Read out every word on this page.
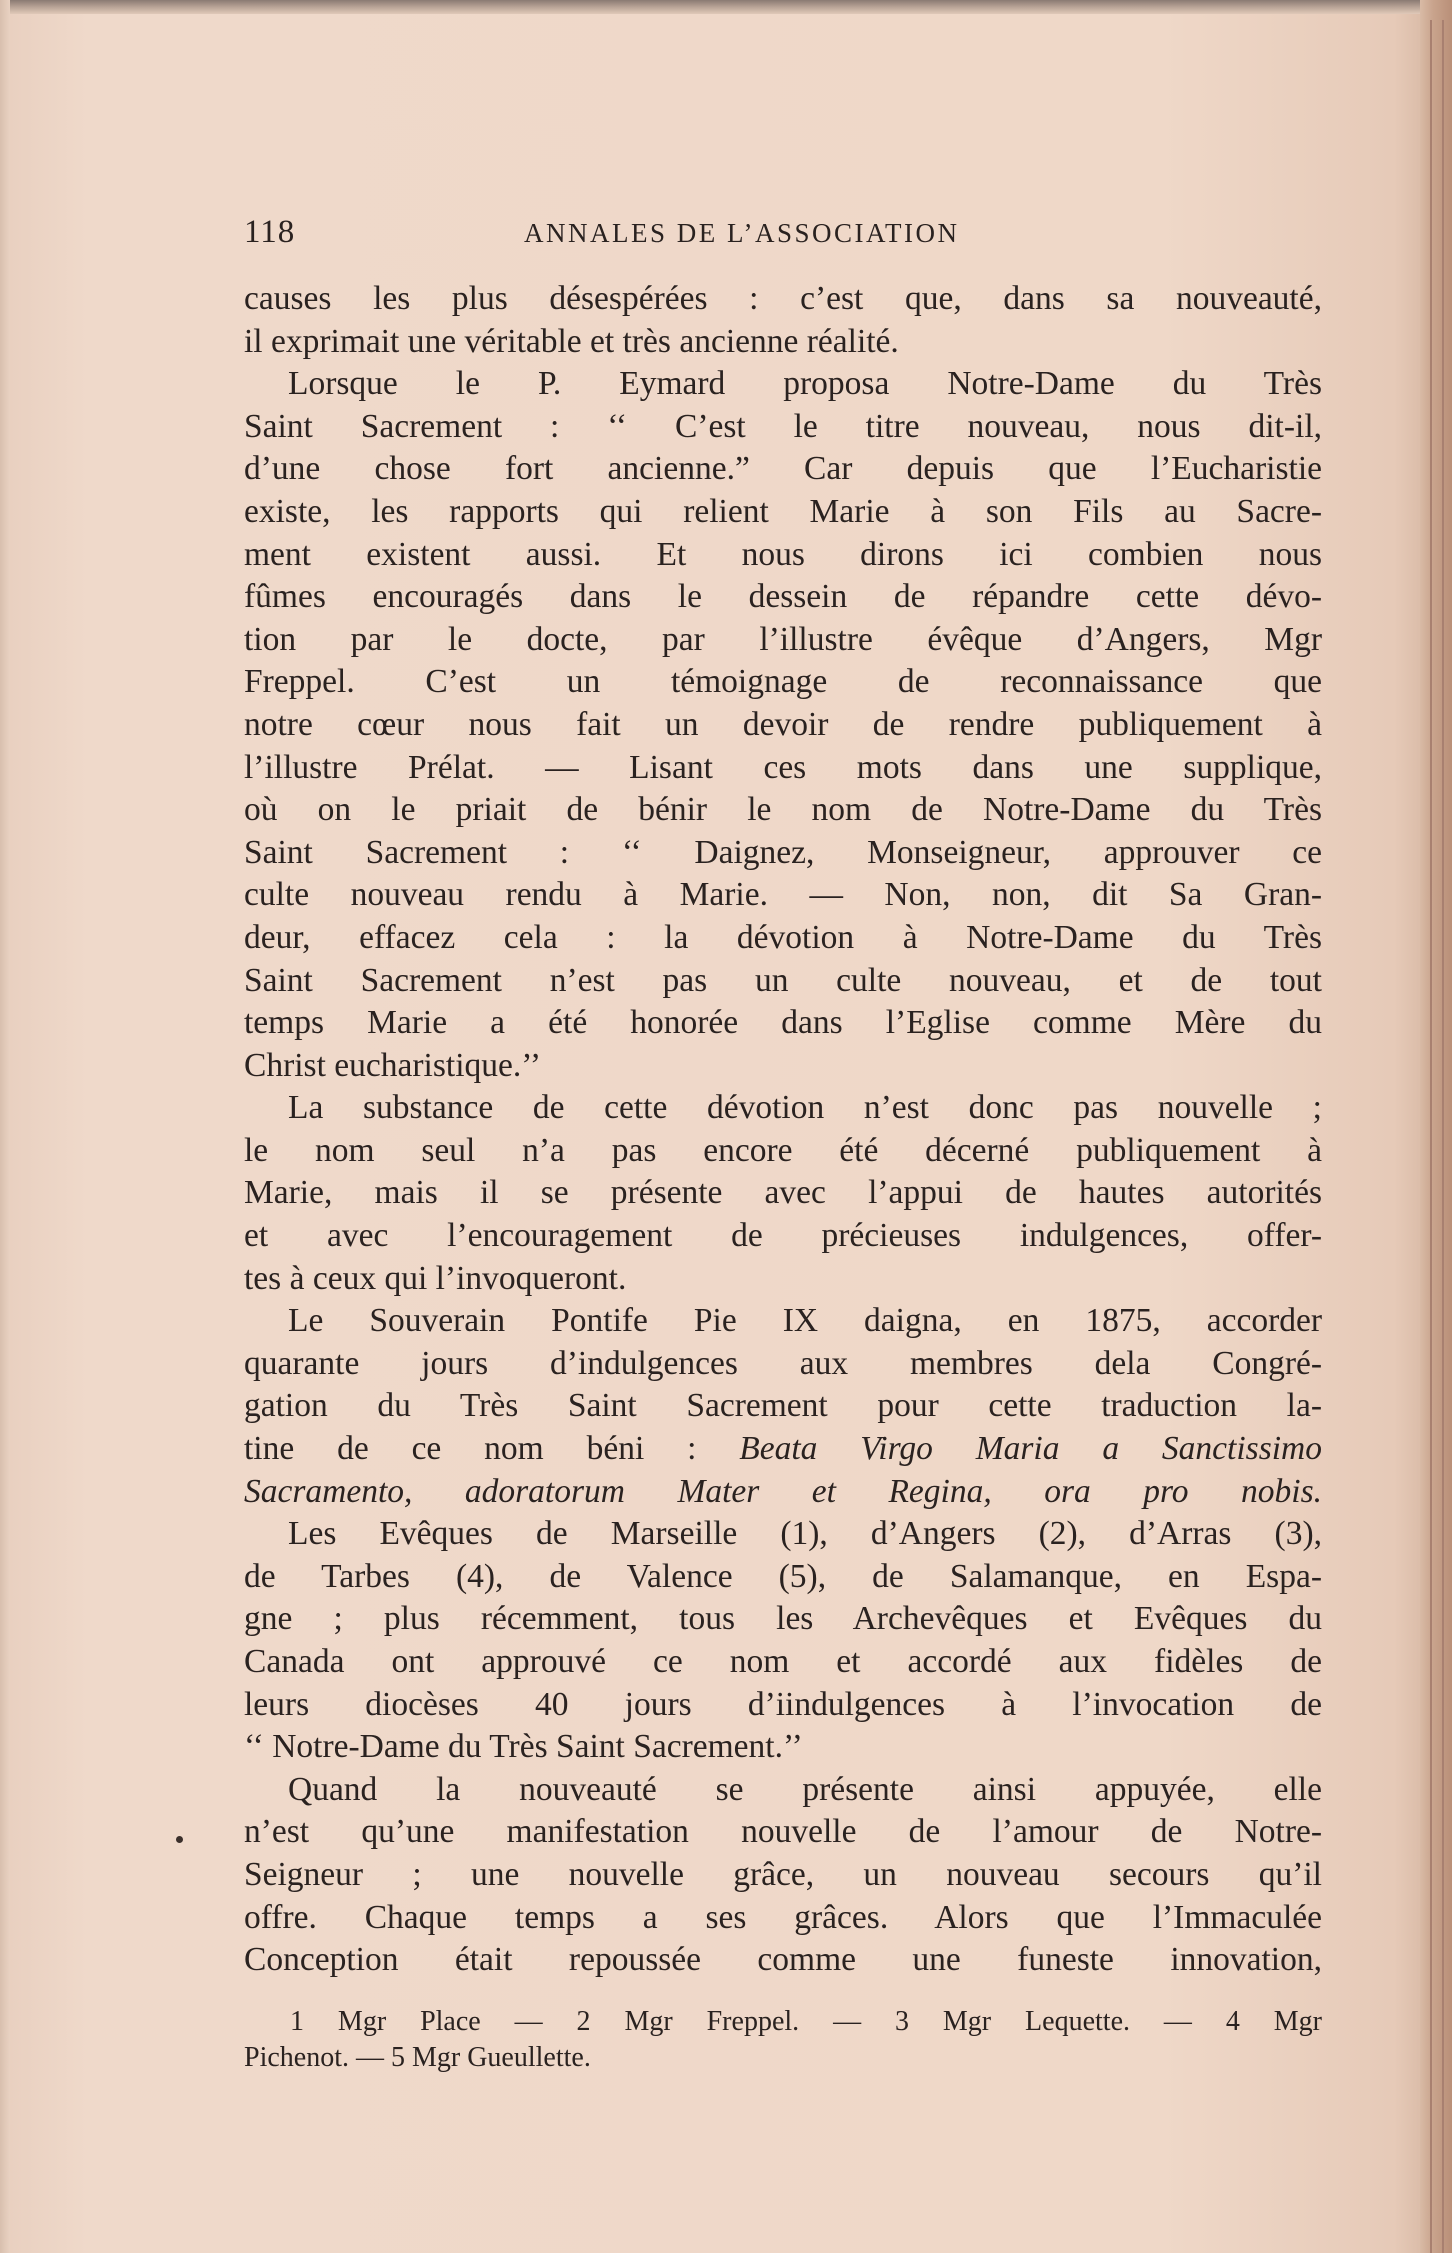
118	ANNALES DE L’ASSOCIATION

causes les plus désespérées : c’est que, dans sa nouveauté,
il exprimait une véritable et très ancienne réalité.

Lorsque le P. Eymard proposa Notre-Dame du Très
Saint Sacrement : ‘‘ C’est le titre nouveau, nous dit-il,
d’une chose fort ancienne.” Car depuis que l’Eucharistie
existe, les rapports qui relient Marie à son Fils au Sacre-
ment existent aussi. Et nous dirons ici combien nous
fûmes encouragés dans le dessein de répandre cette dévo-
tion par le docte, par l’illustre évêque d’Angers, Mgr
Freppel. C’est un témoignage de reconnaissance que
notre cœur nous fait un devoir de rendre publiquement à
l’illustre Prélat. — Lisant ces mots dans une supplique,
où on le priait de bénir le nom de Notre-Dame du Très
Saint Sacrement : ‘‘ Daignez, Monseigneur, approuver ce
culte nouveau rendu à Marie. — Non, non, dit Sa Gran-
deur, effacez cela : la dévotion à Notre-Dame du Très
Saint Sacrement n’est pas un culte nouveau, et de tout
temps Marie a été honorée dans l’Eglise comme Mère du
Christ eucharistique.’’

La substance de cette dévotion n’est donc pas nouvelle ;
le nom seul n’a pas encore été décerné publiquement à
Marie, mais il se présente avec l’appui de hautes autorités
et avec l’encouragement de précieuses indulgences, offer-
tes à ceux qui l’invoqueront.

Le Souverain Pontife Pie IX daigna, en 1875, accorder
quarante jours d’indulgences aux membres dela Congré-
gation du Très Saint Sacrement pour cette traduction la-
tine de ce nom béni : Beata Virgo Maria a Sanctissimo
Sacramento, adoratorum Mater et Regina, ora pro nobis.

Les Evêques de Marseille (1), d’Angers (2), d’Arras (3),
de Tarbes (4), de Valence (5), de Salamanque, en Espa-
gne ; plus récemment, tous les Archevêques et Evêques du
Canada ont approuvé ce nom et accordé aux fidèles de
leurs diocèses 40 jours d’iindulgences à l’invocation de
‘‘ Notre-Dame du Très Saint Sacrement.’’

Quand la nouveauté se présente ainsi appuyée, elle
n’est qu’une manifestation nouvelle de l’amour de Notre-
Seigneur ; une nouvelle grâce, un nouveau secours qu’il
offre. Chaque temps a ses grâces. Alors que l’Immaculée
Conception était repoussée comme une funeste innovation,

1 Mgr Place — 2 Mgr Freppel. — 3 Mgr Lequette. — 4 Mgr
Pichenot. — 5 Mgr Gueullette.
